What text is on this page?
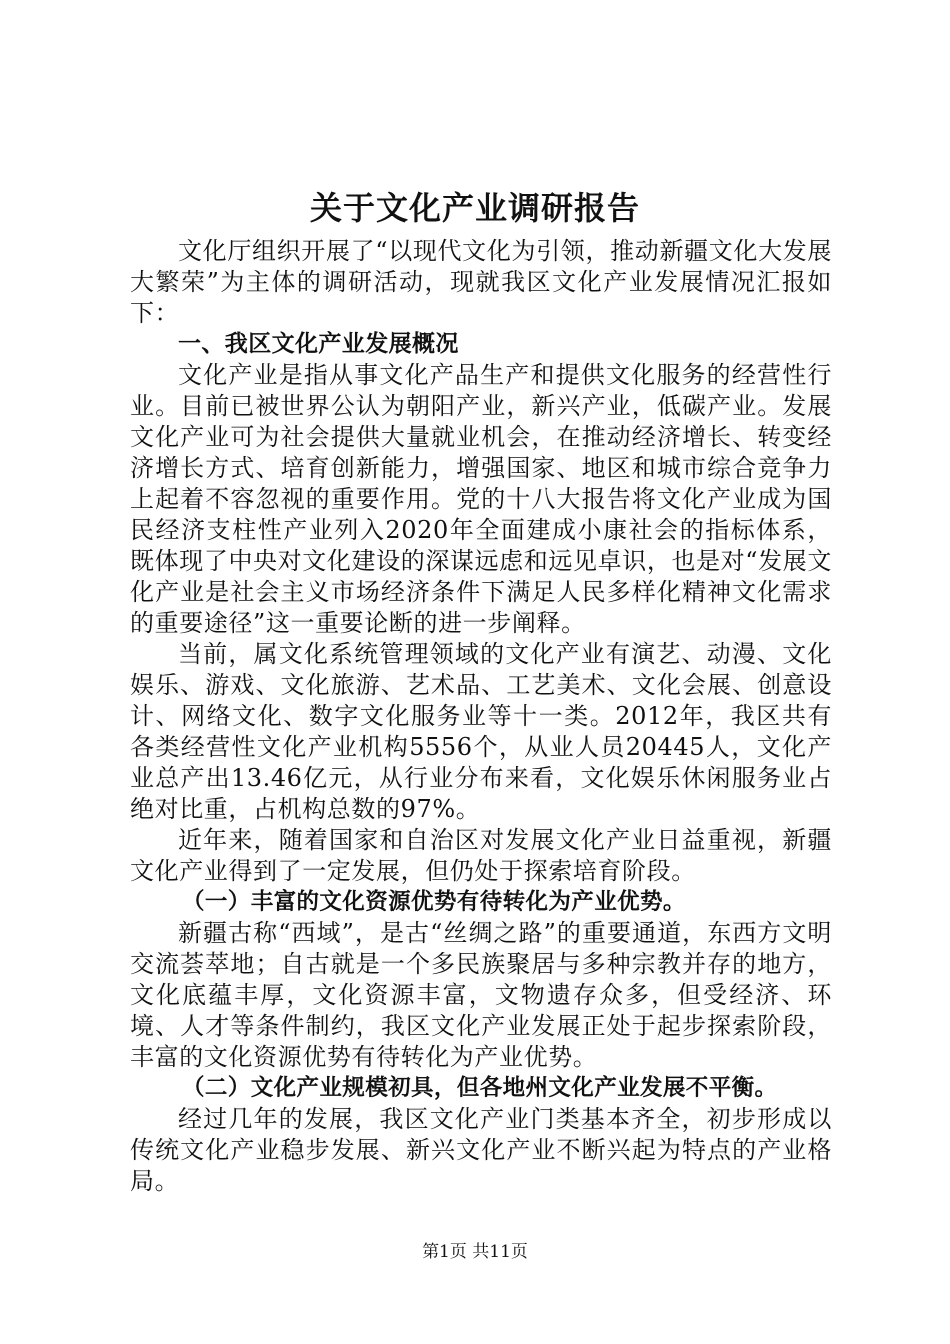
关于文化产业调研报告

文化厅组织开展了“以现代文化为引领，推动新疆文化大发展大繁荣”为主体的调研活动，现就我区文化产业发展情况汇报如下：

一、我区文化产业发展概况

文化产业是指从事文化产品生产和提供文化服务的经营性行业。目前已被世界公认为朝阳产业，新兴产业，低碳产业。发展文化产业可为社会提供大量就业机会，在推动经济增长、转变经济增长方式、培育创新能力，增强国家、地区和城市综合竞争力上起着不容忽视的重要作用。党的十八大报告将文化产业成为国民经济支柱性产业列入2020年全面建成小康社会的指标体系，既体现了中央对文化建设的深谋远虑和远见卓识，也是对“发展文化产业是社会主义市场经济条件下满足人民多样化精神文化需求的重要途径”这一重要论断的进一步阐释。

当前，属文化系统管理领域的文化产业有演艺、动漫、文化娱乐、游戏、文化旅游、艺术品、工艺美术、文化会展、创意设计、网络文化、数字文化服务业等十一类。2012年，我区共有各类经营性文化产业机构5556个，从业人员20445人，文化产业总产出13.46亿元，从行业分布来看，文化娱乐休闲服务业占绝对比重，占机构总数的97%。

近年来，随着国家和自治区对发展文化产业日益重视，新疆文化产业得到了一定发展，但仍处于探索培育阶段。

（一）丰富的文化资源优势有待转化为产业优势。

新疆古称“西域”，是古“丝绸之路”的重要通道，东西方文明交流荟萃地；自古就是一个多民族聚居与多种宗教并存的地方，文化底蕴丰厚，文化资源丰富，文物遗存众多，但受经济、环境、人才等条件制约，我区文化产业发展正处于起步探索阶段，丰富的文化资源优势有待转化为产业优势。

（二）文化产业规模初具，但各地州文化产业发展不平衡。

经过几年的发展，我区文化产业门类基本齐全，初步形成以传统文化产业稳步发展、新兴文化产业不断兴起为特点的产业格局。

第1页 共11页
